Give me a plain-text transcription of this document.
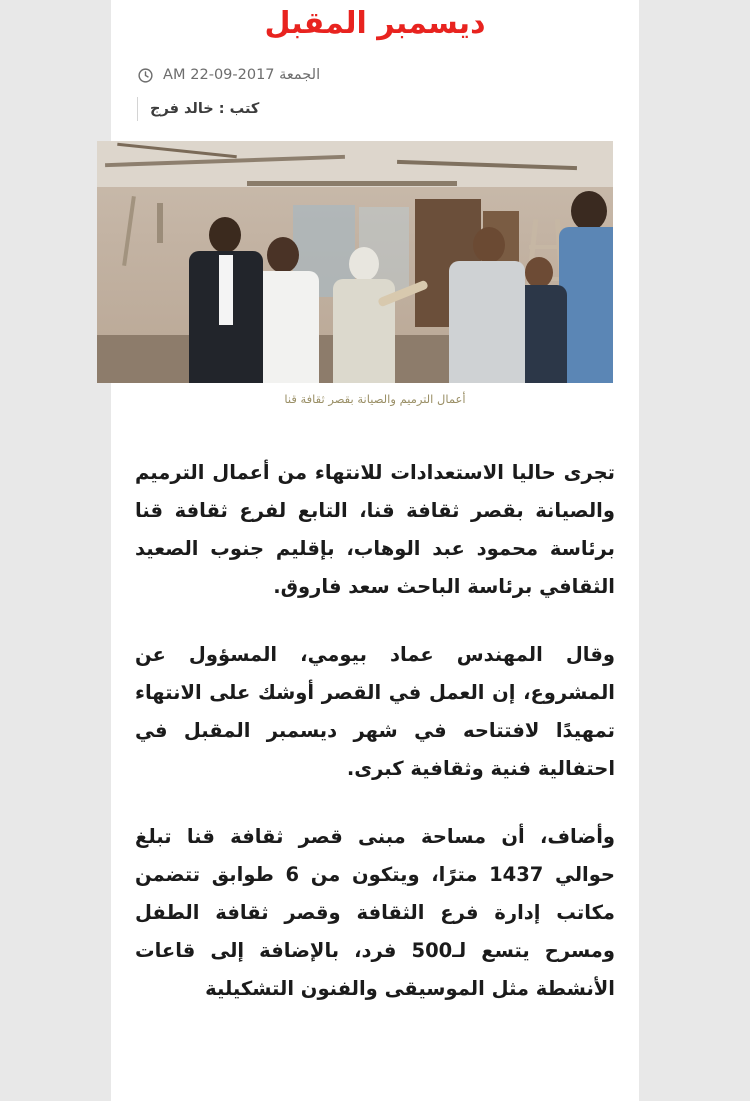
ديسمبر المقبل
الجمعة 2017-09-22 AM
كتب : خالد فرج
أعمال الترميم والصيانة بقصر ثقافة قنا

تجرى حاليا الاستعدادات للانتهاء من أعمال الترميم والصيانة بقصر ثقافة قنا، التابع لفرع ثقافة قنا برئاسة محمود عبد الوهاب، بإقليم جنوب الصعيد الثقافي برئاسة الباحث سعد فاروق.

وقال المهندس عماد بيومي، المسؤول عن المشروع، إن العمل في القصر أوشك على الانتهاء تمهيدًا لافتتاحه في شهر ديسمبر المقبل في احتفالية فنية وثقافية كبرى.

وأضاف، أن مساحة مبنى قصر ثقافة قنا تبلغ حوالي 1437 مترًا، ويتكون من 6 طوابق تتضمن مكاتب إدارة فرع الثقافة وقصر ثقافة الطفل ومسرح يتسع لـ500 فرد، بالإضافة إلى قاعات الأنشطة مثل الموسيقى والفنون التشكيلية
